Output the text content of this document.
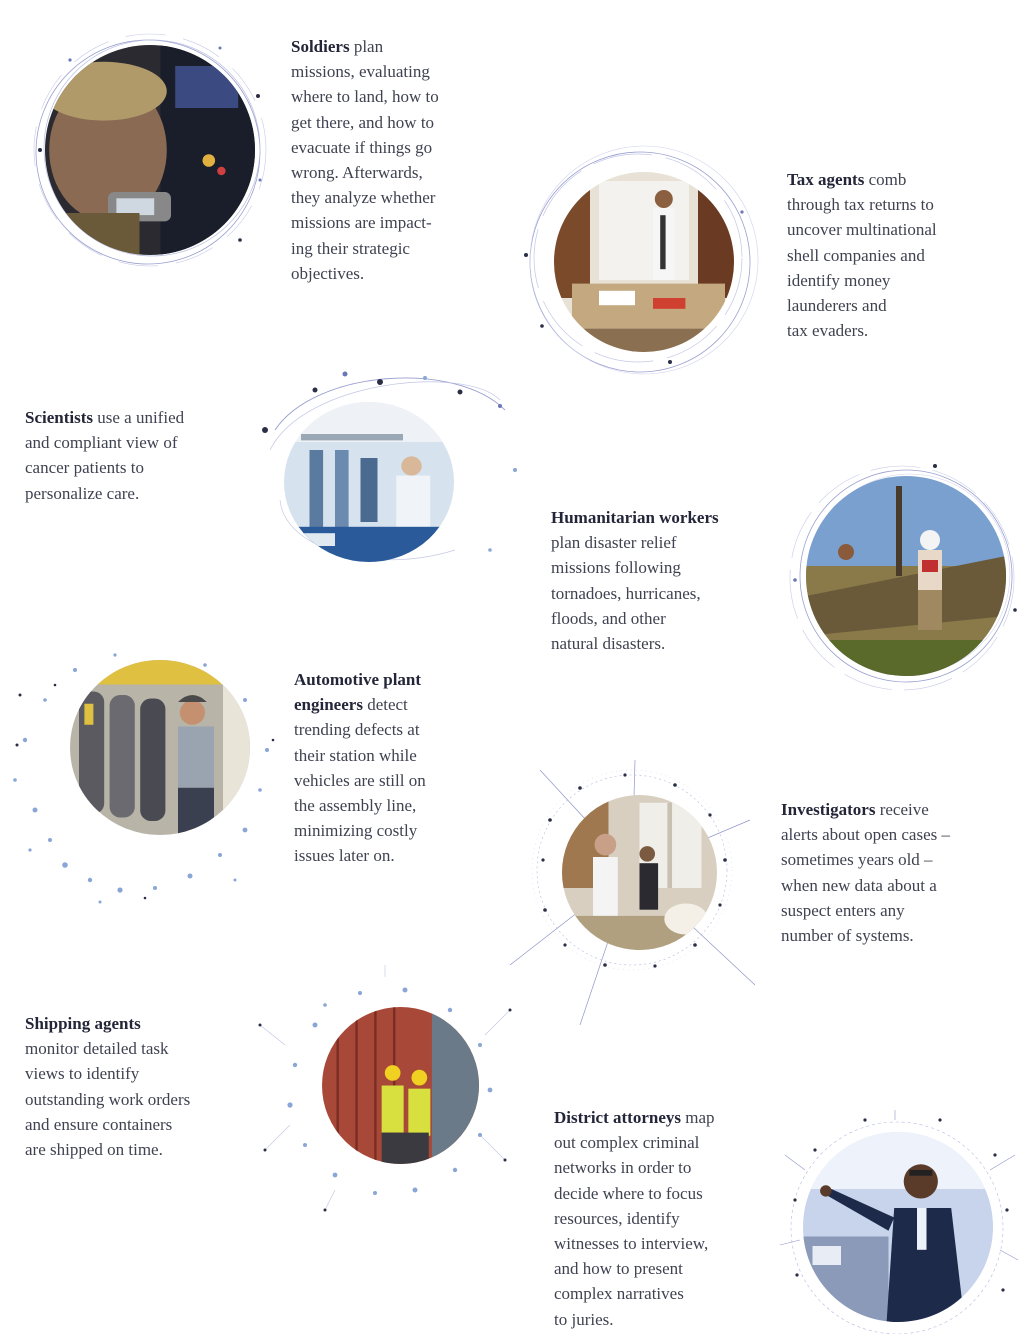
Soldiers plan
missions, evaluating
where to land, how to
get there, and how to
evacuate if things go
wrong. Afterwards,
they analyze whether
missions are impact-
ing their strategic
objectives.
Tax agents comb
through tax returns to
uncover multinational
shell companies and
identify money
launderers and
tax evaders.
Scientists use a unified
and compliant view of
cancer patients to
personalize care.
Humanitarian workers
plan disaster relief
missions following
tornadoes, hurricanes,
floods, and other
natural disasters.
Automotive plant
engineers detect
trending defects at
their station while
vehicles are still on
the assembly line,
minimizing costly
issues later on.
Investigators receive
alerts about open cases –
sometimes years old –
when new data about a
suspect enters any
number of systems.
Shipping agents
monitor detailed task
views to identify
outstanding work orders
and ensure containers
are shipped on time.
District attorneys map
out complex criminal
networks in order to
decide where to focus
resources, identify
witnesses to interview,
and how to present
complex narratives
to juries.
